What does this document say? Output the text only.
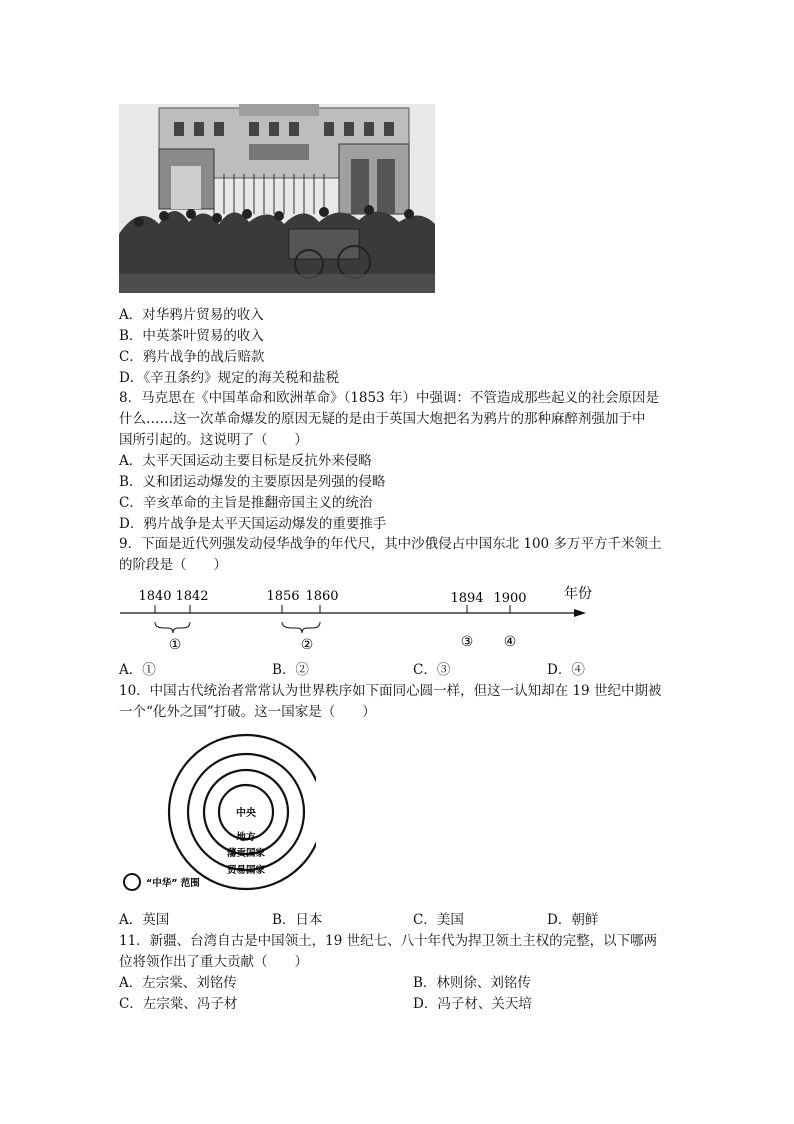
A．对华鸦片贸易的收入
B．中英茶叶贸易的收入
C．鸦片战争的战后赔款
D．《辛丑条约》规定的海关税和盐税
8．马克思在《中国革命和欧洲革命》（1853 年）中强调：不管造成那些起义的社会原因是
什么……这一次革命爆发的原因无疑的是由于英国大炮把名为鸦片的那种麻醉剂强加于中
国所引起的。这说明了（　　）
A．太平天国运动主要目标是反抗外来侵略
B．义和团运动爆发的主要原因是列强的侵略
C．辛亥革命的主旨是推翻帝国主义的统治
D．鸦片战争是太平天国运动爆发的重要推手
9．下面是近代列强发动侵华战争的年代尺，其中沙俄侵占中国东北 100 多万平方千米领土
的阶段是（　　）
1840 1842	1856 1860	1894 1900	年份
①	②	③ ④
A．①	B．②	C．③	D．④
10．中国古代统治者常常认为世界秩序如下面同心圆一样，但这一认知却在 19 世纪中期被
一个“化外之国”打破。这一国家是（　　）
中央
地方
藩贡国家
贸易国家
“中华” 范围
A．英国	B．日本	C．美国	D．朝鲜
11．新疆、台湾自古是中国领土，19 世纪七、八十年代为捍卫领土主权的完整，以下哪两
位将领作出了重大贡献（　　）
A．左宗棠、刘铭传	B．林则徐、刘铭传
C．左宗棠、冯子材	D．冯子材、关天培
